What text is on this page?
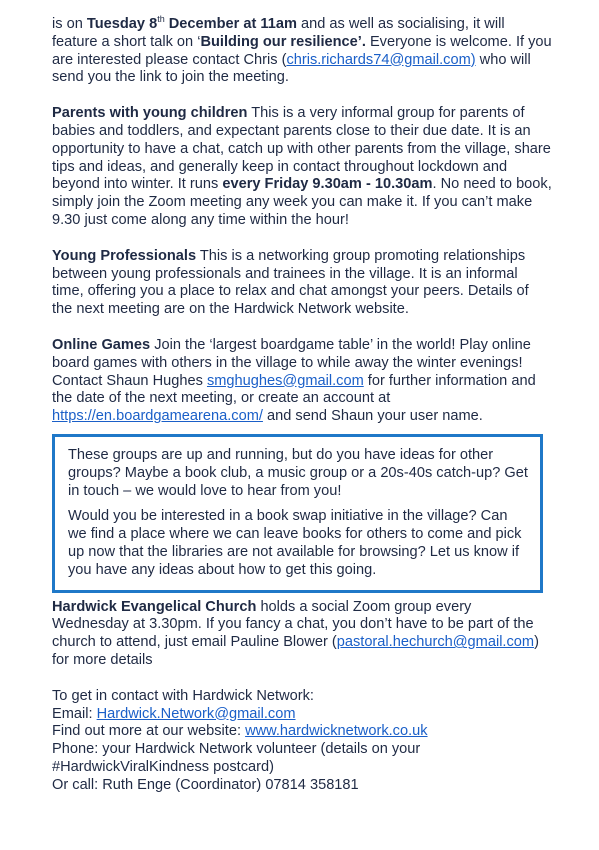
is on Tuesday 8th December at 11am and as well as socialising, it will feature a short talk on ‘Building our resilience’. Everyone is welcome. If you are interested please contact Chris (chris.richards74@gmail.com) who will send you the link to join the meeting.

Parents with young children This is a very informal group for parents of babies and toddlers, and expectant parents close to their due date. It is an opportunity to have a chat, catch up with other parents from the village, share tips and ideas, and generally keep in contact throughout lockdown and beyond into winter. It runs every Friday 9.30am - 10.30am. No need to book, simply join the Zoom meeting any week you can make it. If you can’t make 9.30 just come along any time within the hour!

Young Professionals This is a networking group promoting relationships between young professionals and trainees in the village. It is an informal time, offering you a place to relax and chat amongst your peers. Details of the next meeting are on the Hardwick Network website.

Online Games Join the ‘largest boardgame table’ in the world! Play online board games with others in the village to while away the winter evenings! Contact Shaun Hughes smghughes@gmail.com for further information and the date of the next meeting, or create an account at https://en.boardgamearena.com/ and send Shaun your user name.

These groups are up and running, but do you have ideas for other groups? Maybe a book club, a music group or a 20s-40s catch-up? Get in touch – we would love to hear from you!

Would you be interested in a book swap initiative in the village? Can we find a place where we can leave books for others to come and pick up now that the libraries are not available for browsing? Let us know if you have any ideas about how to get this going.

Hardwick Evangelical Church holds a social Zoom group every Wednesday at 3.30pm. If you fancy a chat, you don’t have to be part of the church to attend, just email Pauline Blower (pastoral.hechurch@gmail.com) for more details

To get in contact with Hardwick Network:

Email: Hardwick.Network@gmail.com

Find out more at our website: www.hardwicknetwork.co.uk

Phone: your Hardwick Network volunteer (details on your

#HardwickViralKindness postcard)

Or call: Ruth Enge (Coordinator) 07814 358181
